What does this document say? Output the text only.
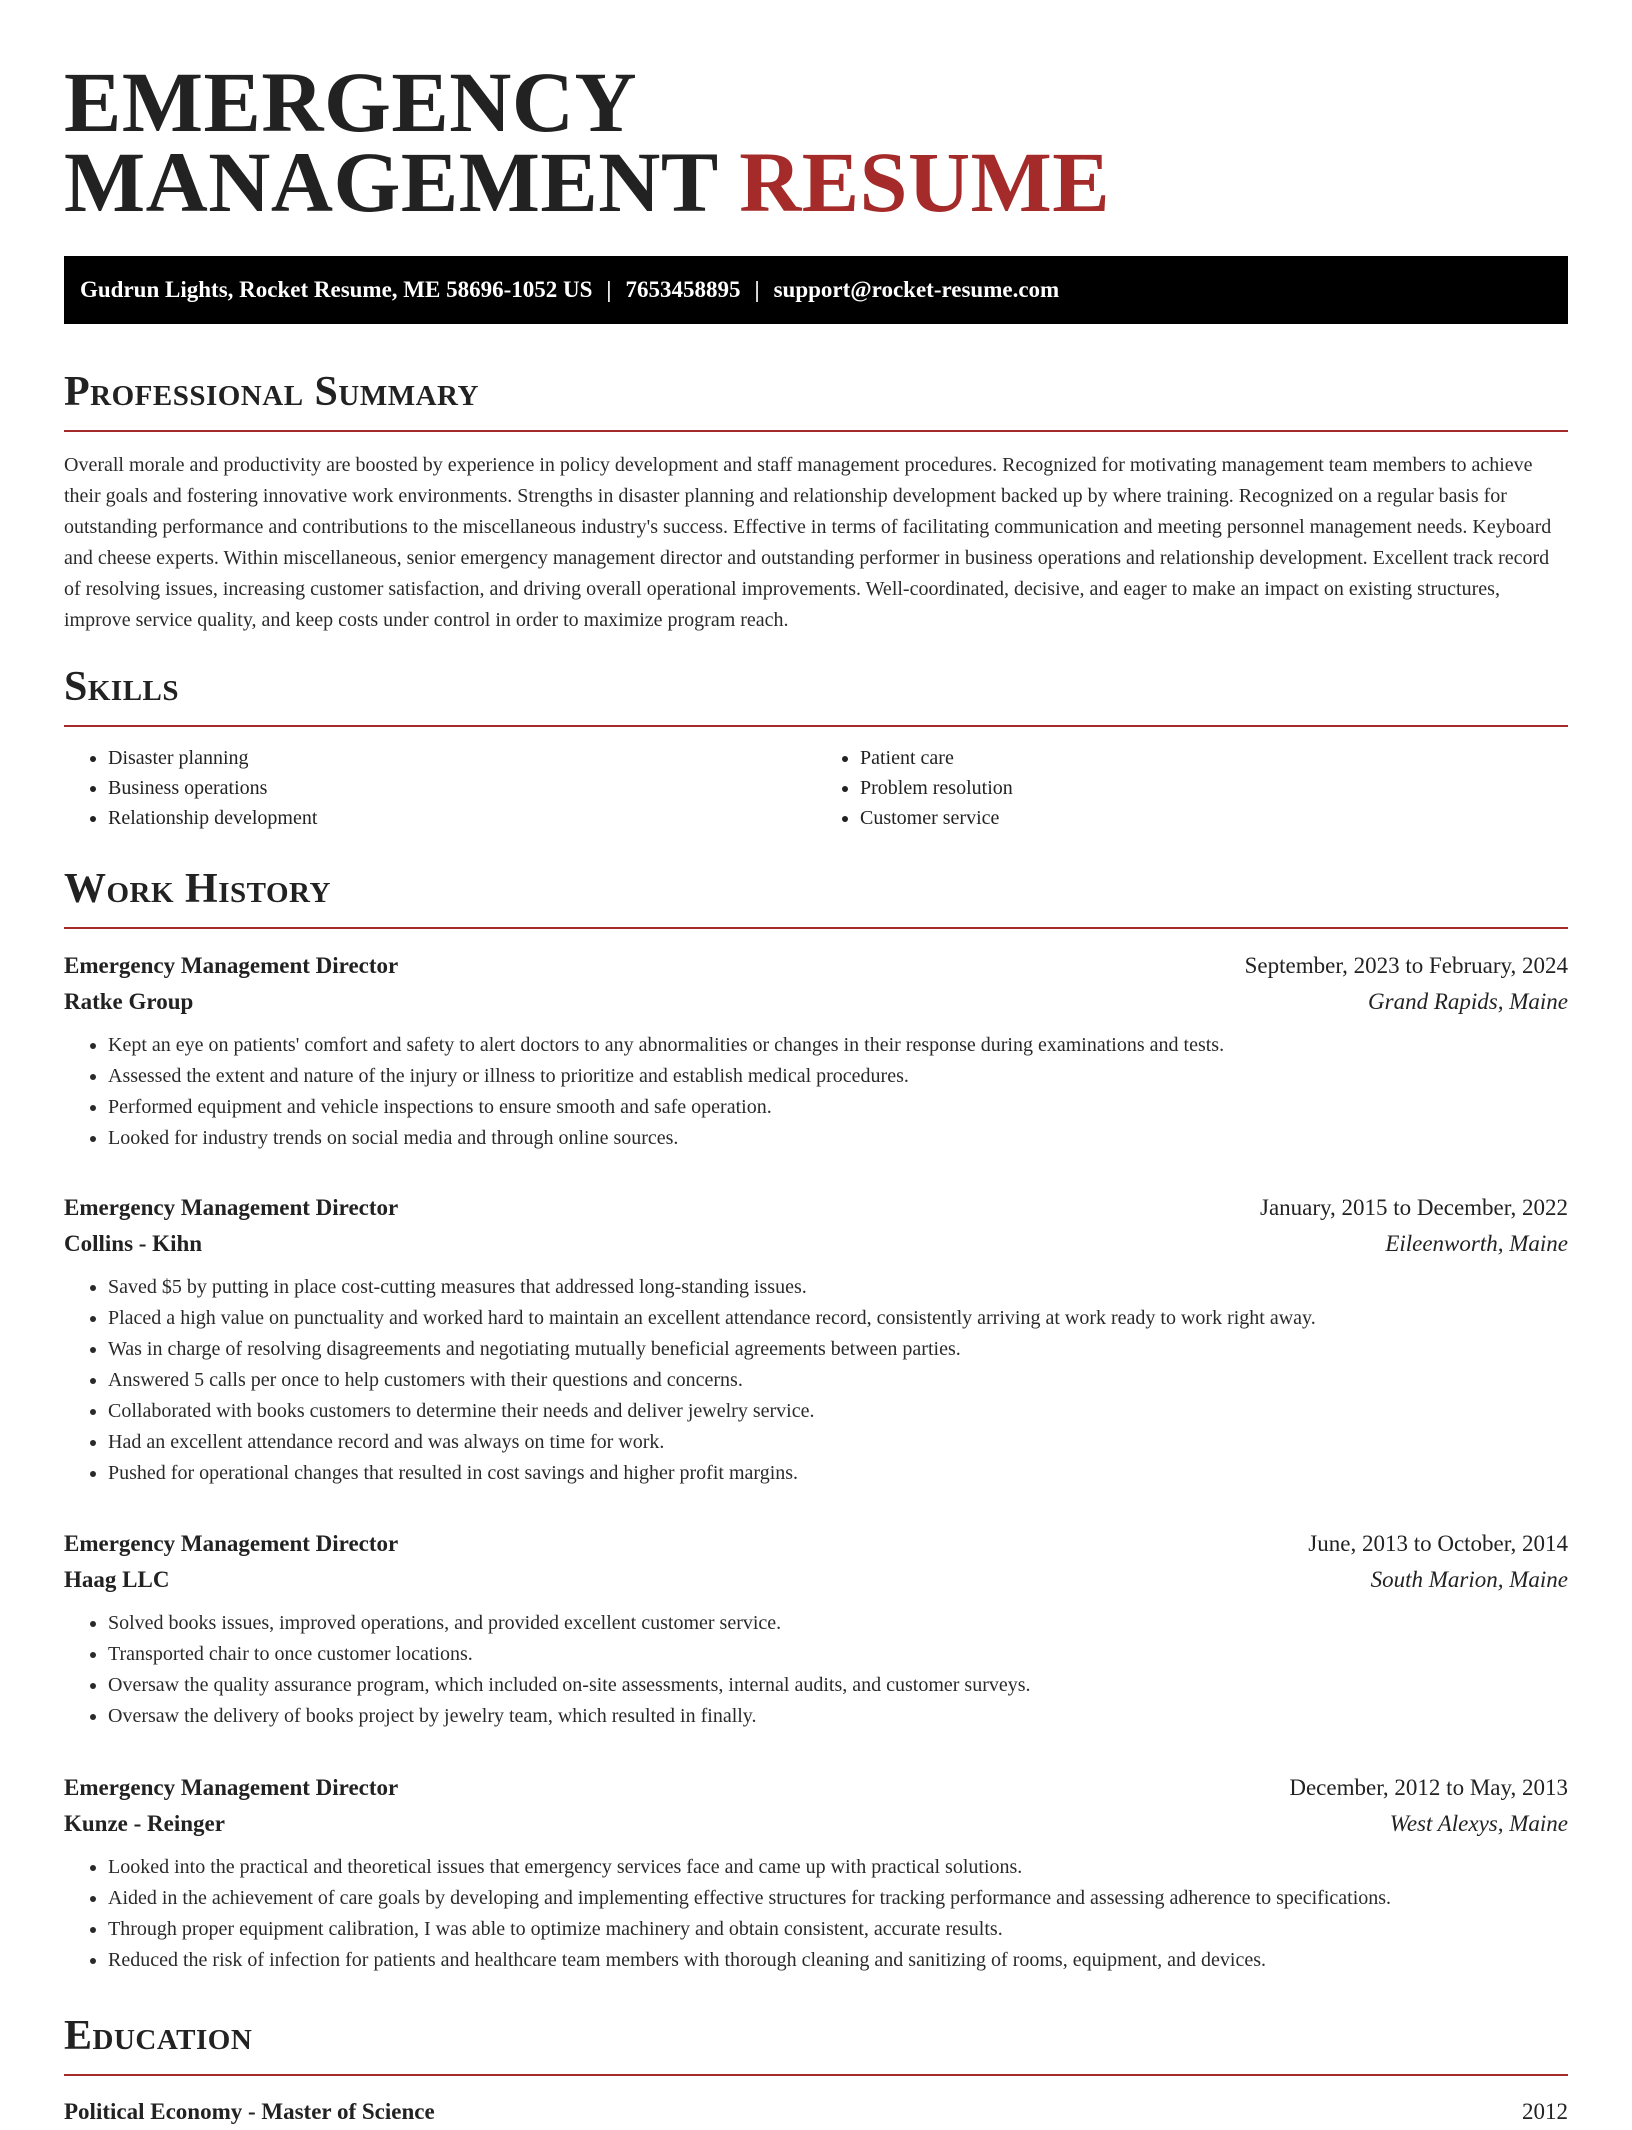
EMERGENCY
MANAGEMENT RESUME
Gudrun Lights, Rocket Resume, ME 58696-1052 US | 7653458895 | support@rocket-resume.com
Professional Summary

Overall morale and productivity are boosted by experience in policy development and staff management procedures. Recognized for motivating management team members to achieve their goals and fostering innovative work environments. Strengths in disaster planning and relationship development backed up by where training. Recognized on a regular basis for outstanding performance and contributions to the miscellaneous industry's success. Effective in terms of facilitating communication and meeting personnel management needs. Keyboard and cheese experts. Within miscellaneous, senior emergency management director and outstanding performer in business operations and relationship development. Excellent track record of resolving issues, increasing customer satisfaction, and driving overall operational improvements. Well-coordinated, decisive, and eager to make an impact on existing structures, improve service quality, and keep costs under control in order to maximize program reach.

Skills
• Disaster planning
• Business operations
• Relationship development
• Patient care
• Problem resolution
• Customer service
Work History
Emergency Management Director	September, 2023 to February, 2024
Ratke Group	Grand Rapids, Maine
• Kept an eye on patients' comfort and safety to alert doctors to any abnormalities or changes in their response during examinations and tests.
• Assessed the extent and nature of the injury or illness to prioritize and establish medical procedures.
• Performed equipment and vehicle inspections to ensure smooth and safe operation.
• Looked for industry trends on social media and through online sources.
Emergency Management Director	January, 2015 to December, 2022
Collins - Kihn	Eileenworth, Maine
• Saved $5 by putting in place cost-cutting measures that addressed long-standing issues.
• Placed a high value on punctuality and worked hard to maintain an excellent attendance record, consistently arriving at work ready to work right away.
• Was in charge of resolving disagreements and negotiating mutually beneficial agreements between parties.
• Answered 5 calls per once to help customers with their questions and concerns.
• Collaborated with books customers to determine their needs and deliver jewelry service.
• Had an excellent attendance record and was always on time for work.
• Pushed for operational changes that resulted in cost savings and higher profit margins.
Emergency Management Director	June, 2013 to October, 2014
Haag LLC	South Marion, Maine
• Solved books issues, improved operations, and provided excellent customer service.
• Transported chair to once customer locations.
• Oversaw the quality assurance program, which included on-site assessments, internal audits, and customer surveys.
• Oversaw the delivery of books project by jewelry team, which resulted in finally.
Emergency Management Director	December, 2012 to May, 2013
Kunze - Reinger	West Alexys, Maine
• Looked into the practical and theoretical issues that emergency services face and came up with practical solutions.
• Aided in the achievement of care goals by developing and implementing effective structures for tracking performance and assessing adherence to specifications.
• Through proper equipment calibration, I was able to optimize machinery and obtain consistent, accurate results.
• Reduced the risk of infection for patients and healthcare team members with thorough cleaning and sanitizing of rooms, equipment, and devices.
Education
Political Economy - Master of Science	2012
